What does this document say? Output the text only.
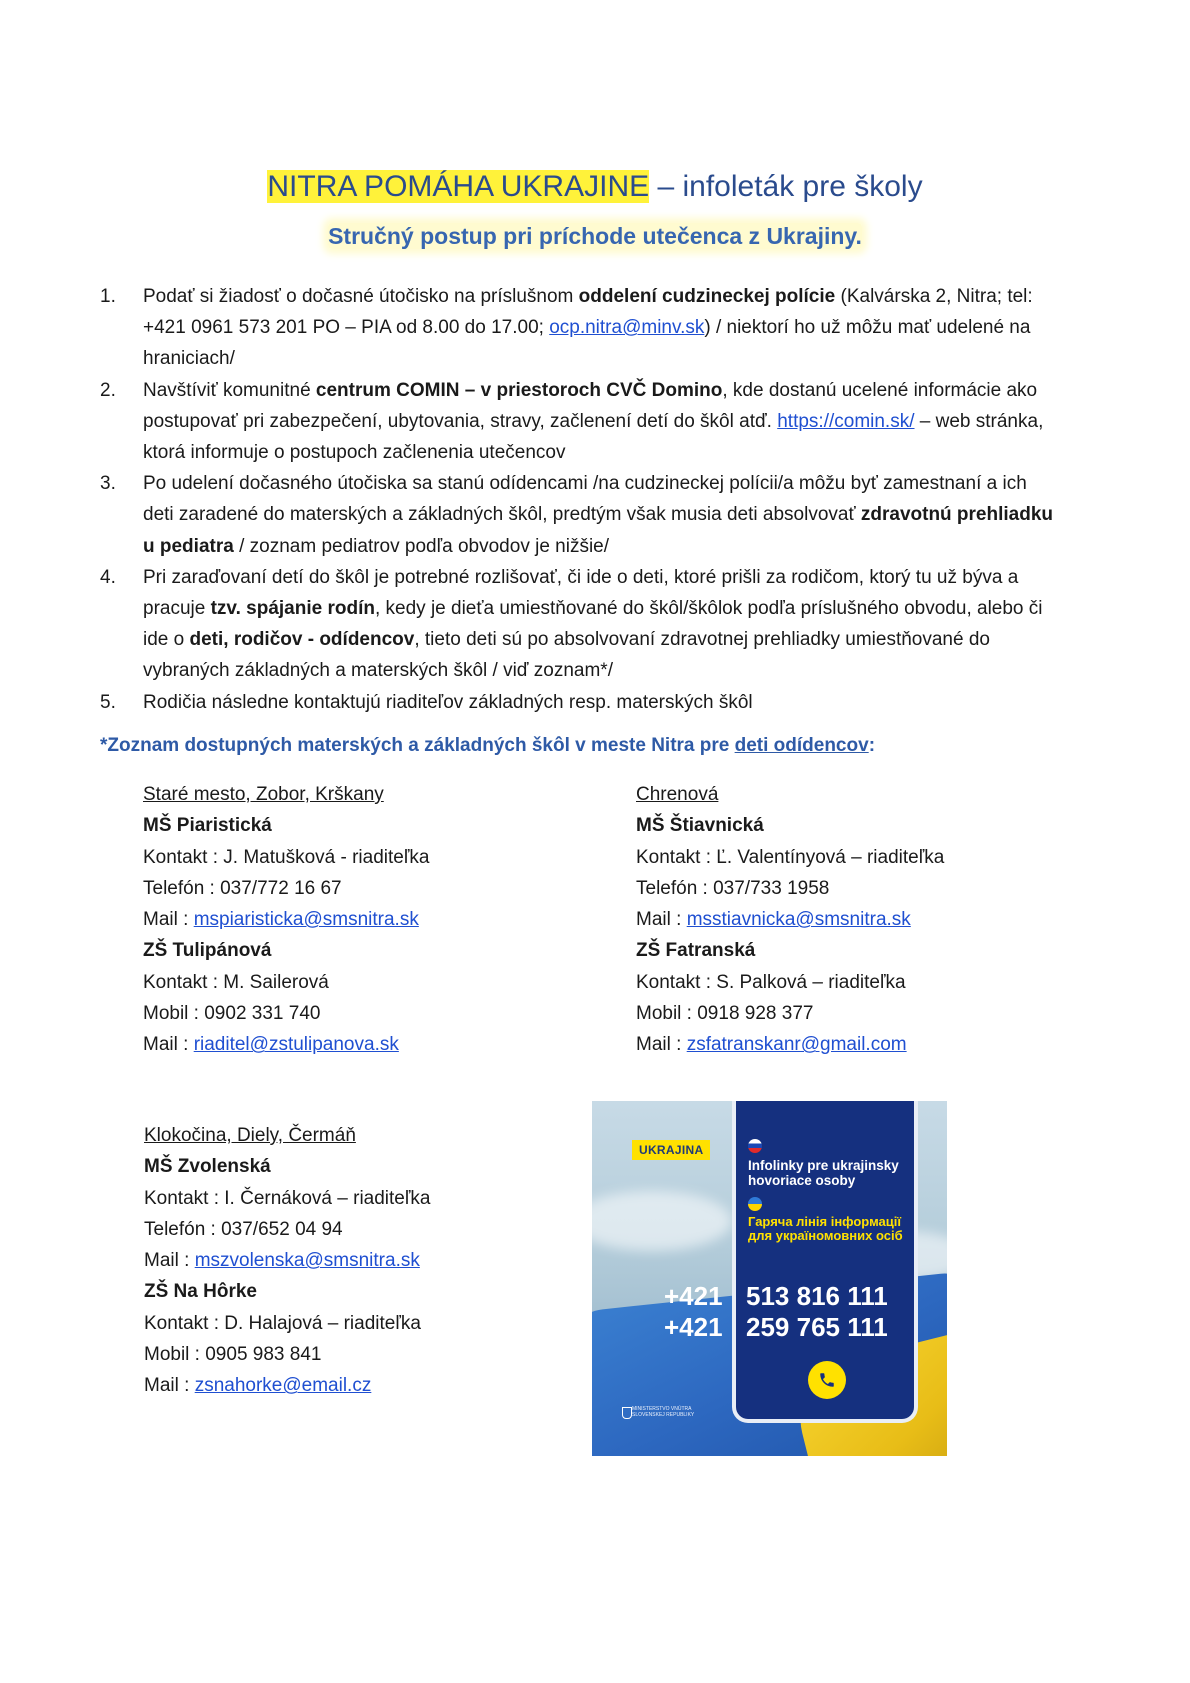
NITRA POMÁHA UKRAJINE – infoleták pre školy
Stručný postup pri príchode utečenca z Ukrajiny.
1. Podať si žiadosť o dočasné útočisko na príslušnom oddelení cudzineckej polície (Kalvárska 2, Nitra; tel: +421 0961 573 201 PO – PIA od 8.00 do 17.00; ocp.nitra@minv.sk) / niektorí ho už môžu mať udelené na hraniciach/
2. Navštíviť komunitné centrum COMIN – v priestoroch CVČ Domino, kde dostanú ucelené informácie ako postupovať pri zabezpečení, ubytovania, stravy, začlenení detí do škôl atď. https://comin.sk/ – web stránka, ktorá informuje o postupoch začlenenia utečencov
3. Po udelení dočasného útočiska sa stanú odídencami /na cudzineckej polícii/a môžu byť zamestnaní a ich deti zaradené do materských a základných škôl, predtým však musia deti absolvovať zdravotnú prehliadku u pediatra / zoznam pediatrov podľa obvodov je nižšie/
4. Pri zaraďovaní detí do škôl je potrebné rozlišovať, či ide o deti, ktoré prišli za rodičom, ktorý tu už býva a pracuje tzv. spájanie rodín, kedy je dieťa umiestňované do škôl/škôlok podľa príslušného obvodu, alebo či ide o deti, rodičov - odídencov, tieto deti sú po absolvovaní zdravotnej prehliadky umiestňované do vybraných základných a materských škôl / viď zoznam*/
5. Rodičia následne kontaktujú riaditeľov základných resp. materských škôl
*Zoznam dostupných materských a základných škôl v meste Nitra pre deti odídencov:
Staré mesto, Zobor, Krškany
MŠ Piaristická
Kontakt : J. Matušková - riaditeľka
Telefón : 037/772 16 67
Mail : mspiaristicka@smsnitra.sk
ZŠ Tulipánová
Kontakt : M. Sailerová
Mobil : 0902 331 740
Mail : riaditel@zstulipanova.sk
Chrenová
MŠ Štiavnická
Kontakt : Ľ. Valentínyová – riaditeľka
Telefón : 037/733 1958
Mail : msstiavnicka@smsnitra.sk
ZŠ Fatranská
Kontakt : S. Palková – riaditeľka
Mobil : 0918 928 377
Mail : zsfatranskanr@gmail.com
Klokočina, Diely, Čermáň
MŠ Zvolenská
Kontakt : I. Černáková – riaditeľka
Telefón : 037/652 04 94
Mail : mszvolenska@smsnitra.sk
ZŠ Na Hôrke
Kontakt : D. Halajová – riaditeľka
Mobil : 0905 983 841
Mail : zsnahorke@email.cz
UKRAJINA
Infolinky pre ukrajinsky hovoriace osoby
Гаряча лінія інформації для україномовних осіб
+421 513 816 111
+421 259 765 111
MINISTERSTVO VNÚTRA SLOVENSKEJ REPUBLIKY
